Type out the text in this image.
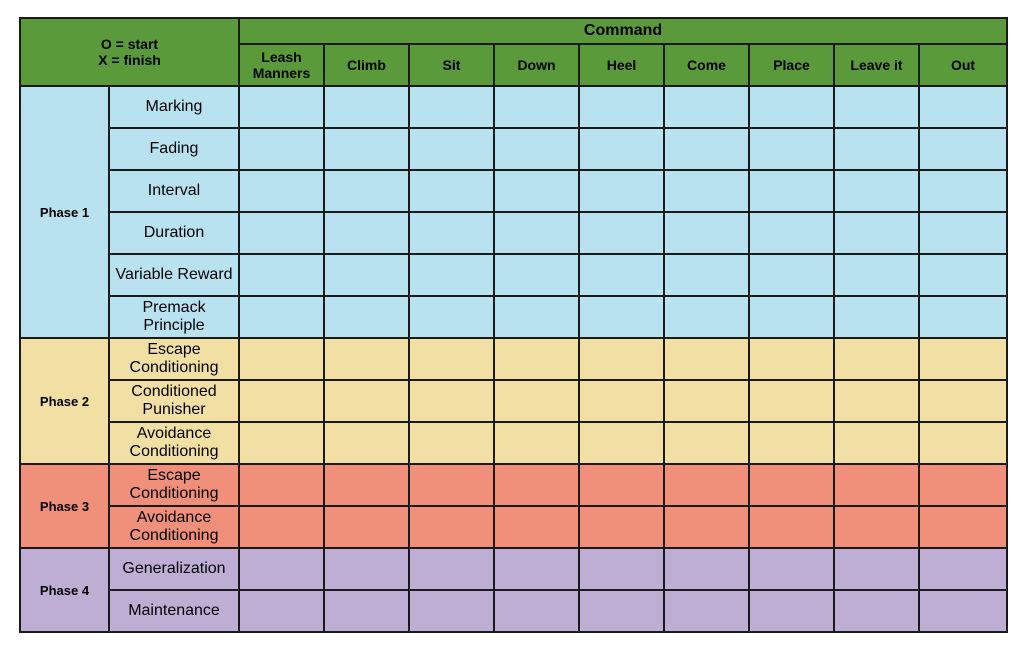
O = start
X = finish		Command								
		Leash Manners	Climb	Sit	Down	Heel	Come	Place	Leave it	Out
Phase 1	Marking									
	Fading									
	Interval									
	Duration									
	Variable Reward									
	Premack Principle									
Phase 2	Escape Conditioning									
	Conditioned Punisher									
	Avoidance Conditioning									
Phase 3	Escape Conditioning									
	Avoidance Conditioning									
Phase 4	Generalization									
	Maintenance									
